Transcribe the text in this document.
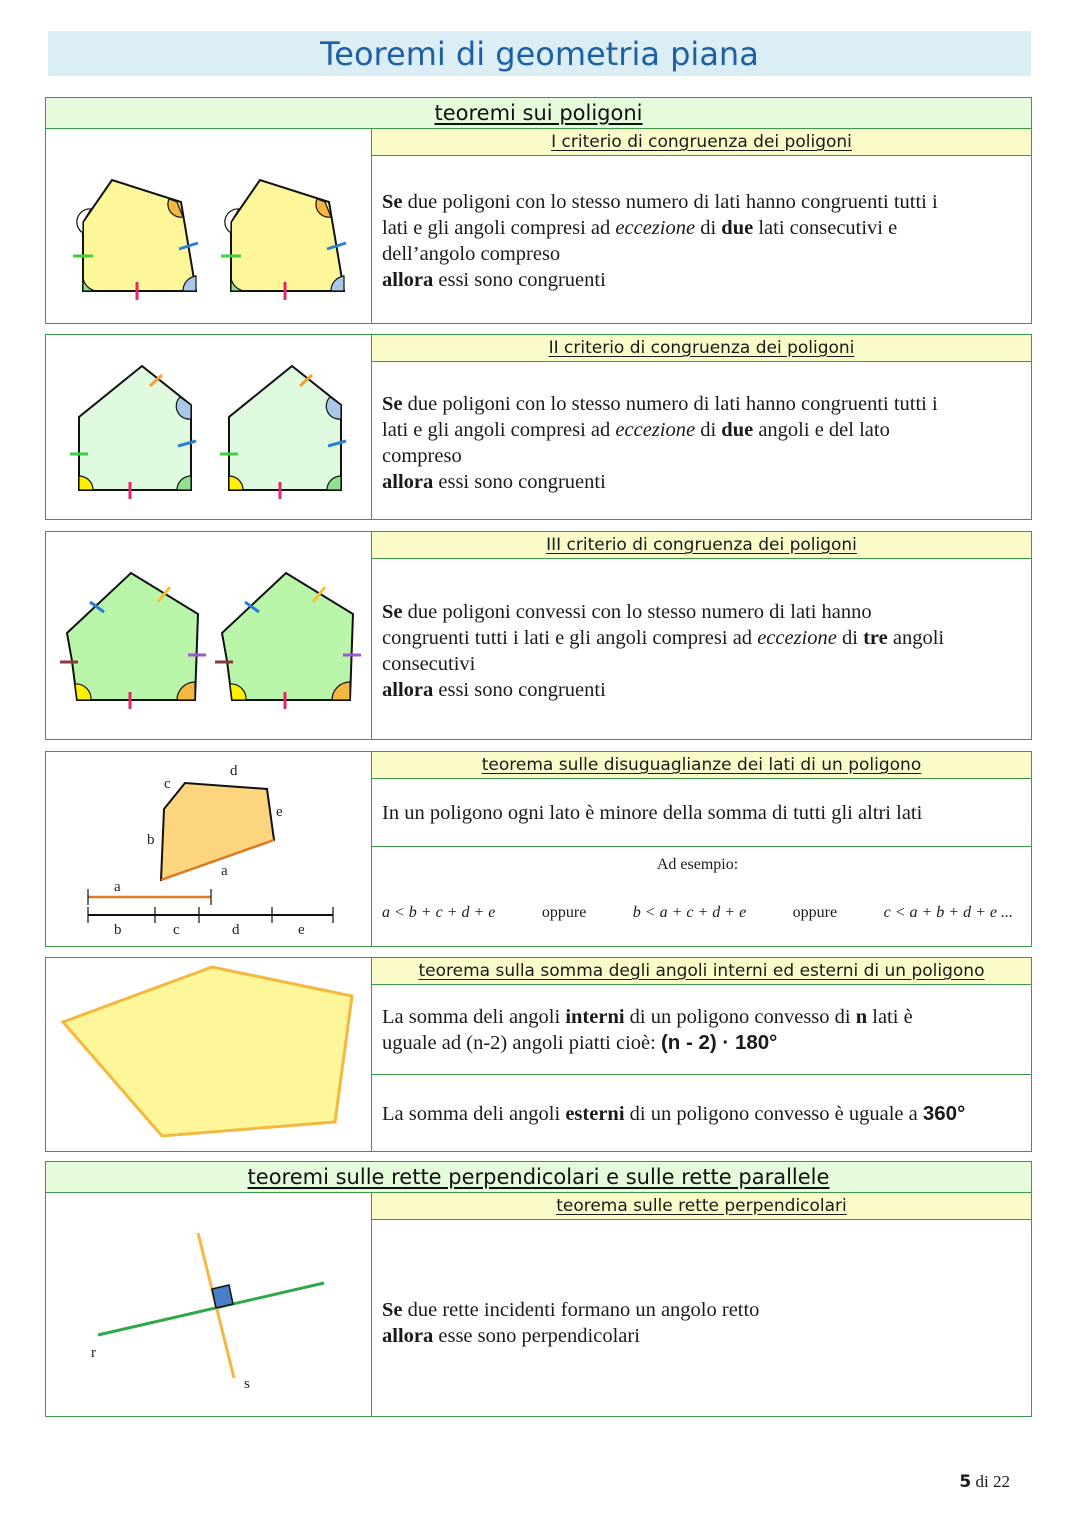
Teoremi di geometria piana
teoremi sui poligoni
I criterio di congruenza dei poligoni
Se due poligoni con lo stesso numero di lati hanno congruenti tutti i
lati e gli angoli compresi ad eccezione di due lati consecutivi e
dell’angolo compreso
allora essi sono congruenti
II criterio di congruenza dei poligoni
Se due poligoni con lo stesso numero di lati hanno congruenti tutti i
lati e gli angoli compresi ad eccezione di due angoli e del lato
compreso
allora essi sono congruenti
III criterio di congruenza dei poligoni
Se due poligoni convessi con lo stesso numero di lati hanno
congruenti tutti i lati e gli angoli compresi ad eccezione di tre angoli
consecutivi
allora essi sono congruenti
c
d
e
b
a
a
b	c	d	e
teorema sulle disuguaglianze dei lati di un poligono
In un poligono ogni lato è minore della somma di tutti gli altri lati
Ad esempio:
a < b + c + d + e	oppure	b < a + c + d + e	oppure	c < a + b + d + e ...
teorema sulla somma degli angoli interni ed esterni di un poligono
La somma deli angoli interni di un poligono convesso di n lati è
uguale ad (n-2) angoli piatti cioè: (n - 2) · 180°
La somma deli angoli esterni di un poligono convesso è uguale a 360°
teoremi sulle rette perpendicolari e sulle rette parallele
r
s
teorema sulle rette perpendicolari
Se due rette incidenti formano un angolo retto
allora esse sono perpendicolari
5 di 22
